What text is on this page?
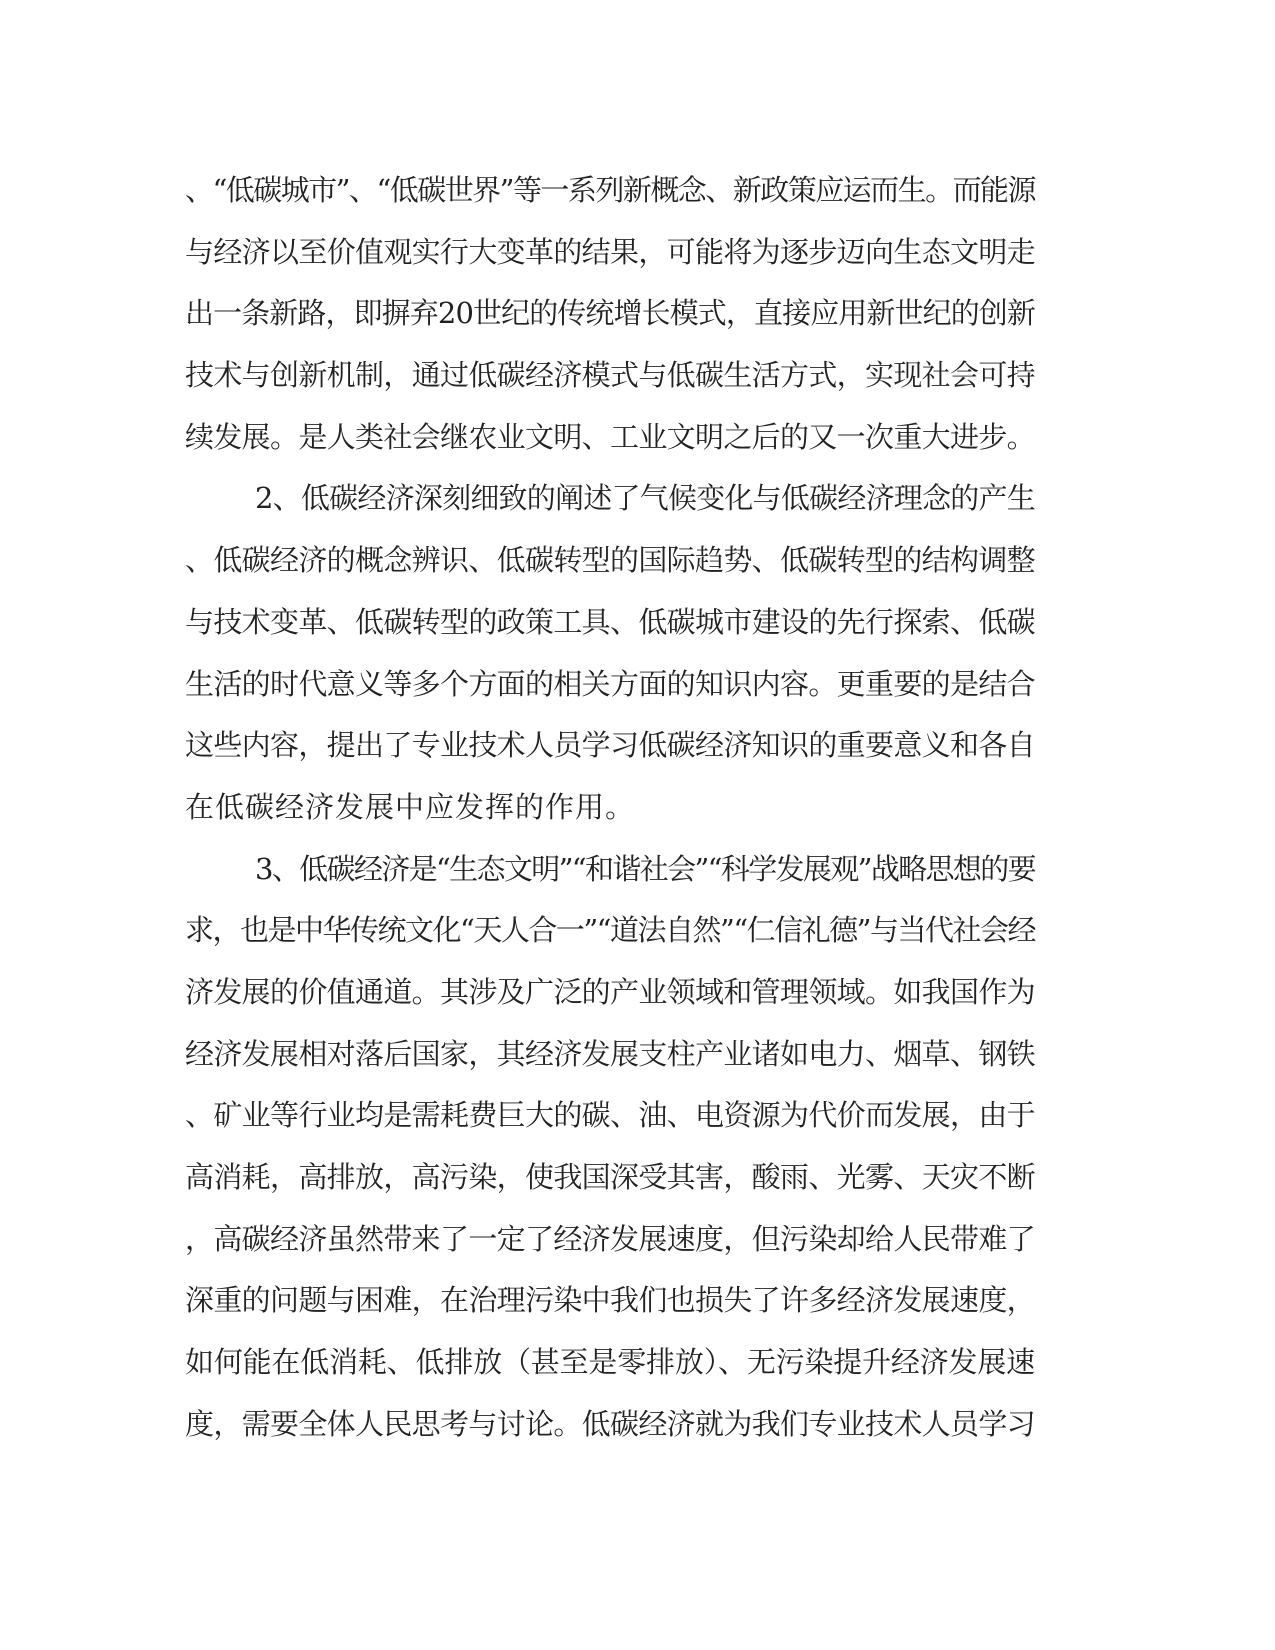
、“低碳城市”、“低碳世界”等一系列新概念、新政策应运而生。而能源
与经济以至价值观实行大变革的结果，可能将为逐步迈向生态文明走
出一条新路，即摒弃20世纪的传统增长模式，直接应用新世纪的创新
技术与创新机制，通过低碳经济模式与低碳生活方式，实现社会可持
续发展。是人类社会继农业文明、工业文明之后的又一次重大进步。
2、低碳经济深刻细致的阐述了气候变化与低碳经济理念的产生
、低碳经济的概念辨识、低碳转型的国际趋势、低碳转型的结构调整
与技术变革、低碳转型的政策工具、低碳城市建设的先行探索、低碳
生活的时代意义等多个方面的相关方面的知识内容。更重要的是结合
这些内容，提出了专业技术人员学习低碳经济知识的重要意义和各自
在低碳经济发展中应发挥的作用。
3、低碳经济是“生态文明”“和谐社会”“科学发展观”战略思想的要
求，也是中华传统文化“天人合一”“道法自然”“仁信礼德”与当代社会经
济发展的价值通道。其涉及广泛的产业领域和管理领域。如我国作为
经济发展相对落后国家，其经济发展支柱产业诸如电力、烟草、钢铁
、矿业等行业均是需耗费巨大的碳、油、电资源为代价而发展，由于
高消耗，高排放，高污染，使我国深受其害，酸雨、光雾、天灾不断
，高碳经济虽然带来了一定了经济发展速度，但污染却给人民带难了
深重的问题与困难，在治理污染中我们也损失了许多经济发展速度，
如何能在低消耗、低排放（甚至是零排放）、无污染提升经济发展速
度，需要全体人民思考与讨论。低碳经济就为我们专业技术人员学习
